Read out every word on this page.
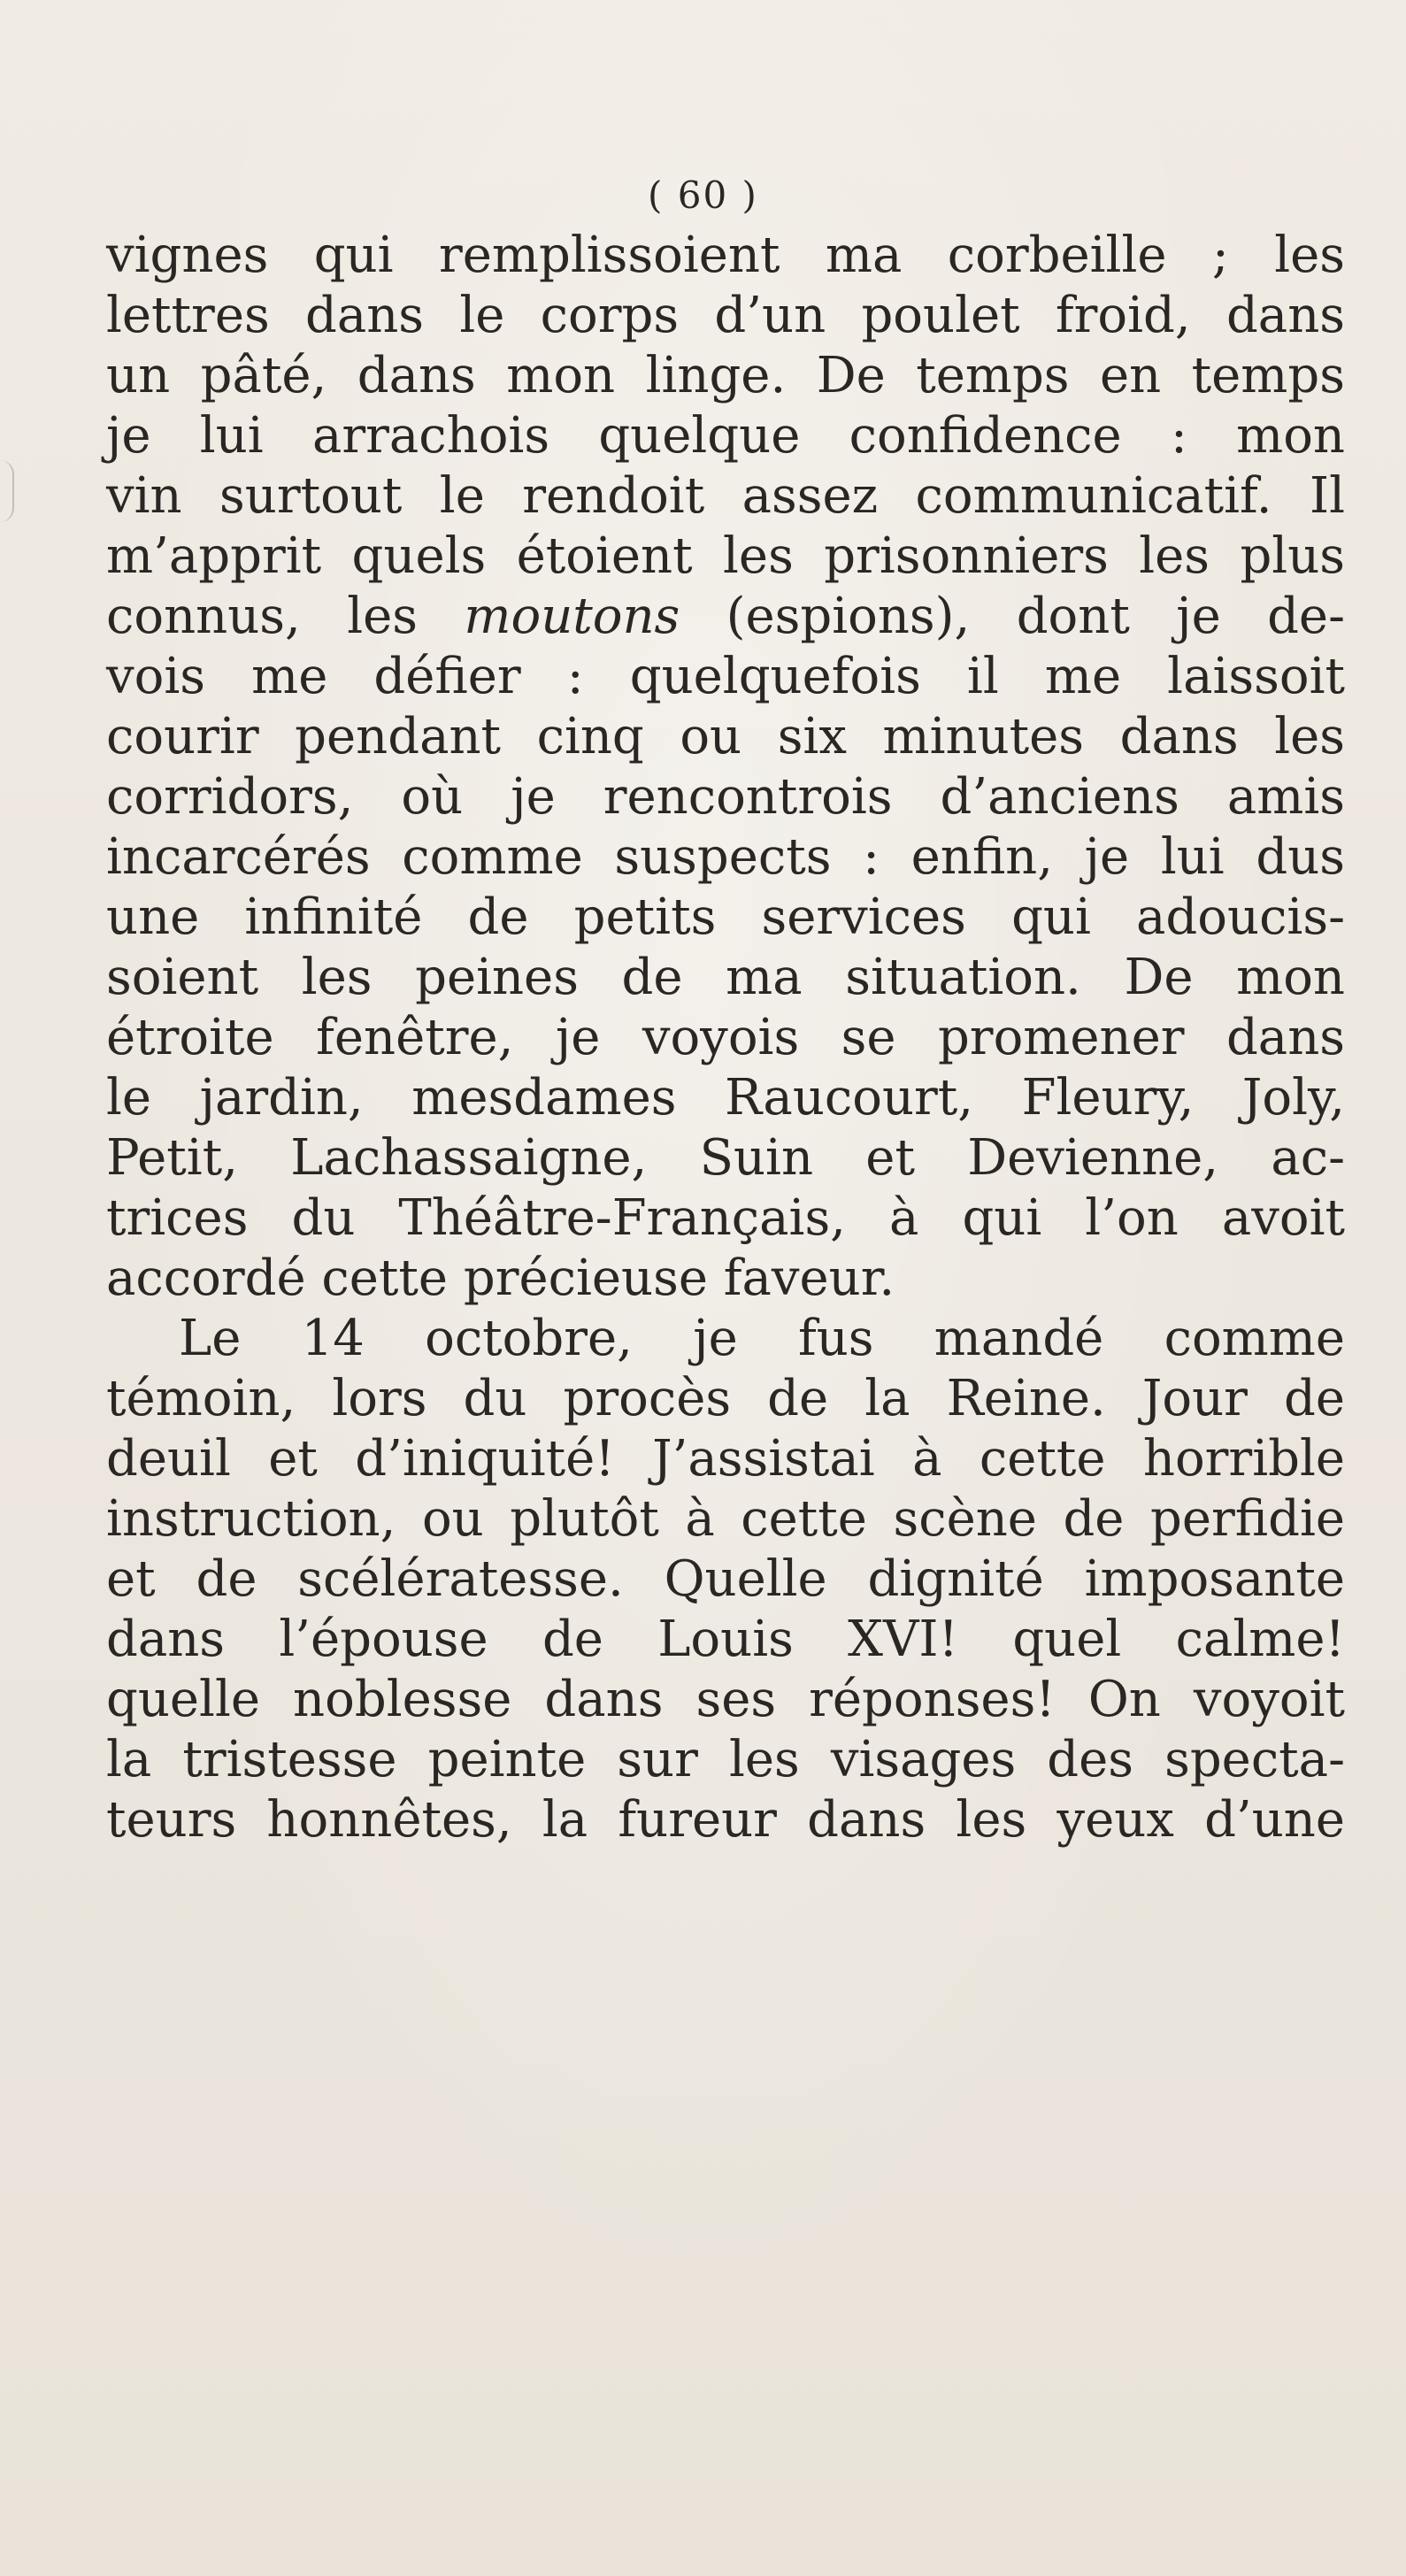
( 60 )
vignes qui remplissoient ma corbeille ; les
lettres dans le corps d’un poulet froid, dans
un pâté, dans mon linge. De temps en temps
je lui arrachois quelque confidence : mon
vin surtout le rendoit assez communicatif. Il
m’apprit quels étoient les prisonniers les plus
connus, les moutons (espions), dont je de-
vois me défier : quelquefois il me laissoit
courir pendant cinq ou six minutes dans les
corridors, où je rencontrois d’anciens amis
incarcérés comme suspects : enfin, je lui dus
une infinité de petits services qui adoucis-
soient les peines de ma situation. De mon
étroite fenêtre, je voyois se promener dans
le jardin, mesdames Raucourt, Fleury, Joly,
Petit, Lachassaigne, Suin et Devienne, ac-
trices du Théâtre-Français, à qui l’on avoit
accordé cette précieuse faveur.
Le 14 octobre, je fus mandé comme
témoin, lors du procès de la Reine. Jour de
deuil et d’iniquité! J’assistai à cette horrible
instruction, ou plutôt à cette scène de perfidie
et de scélératesse. Quelle dignité imposante
dans l’épouse de Louis XVI! quel calme!
quelle noblesse dans ses réponses! On voyoit
la tristesse peinte sur les visages des specta-
teurs honnêtes, la fureur dans les yeux d’une
